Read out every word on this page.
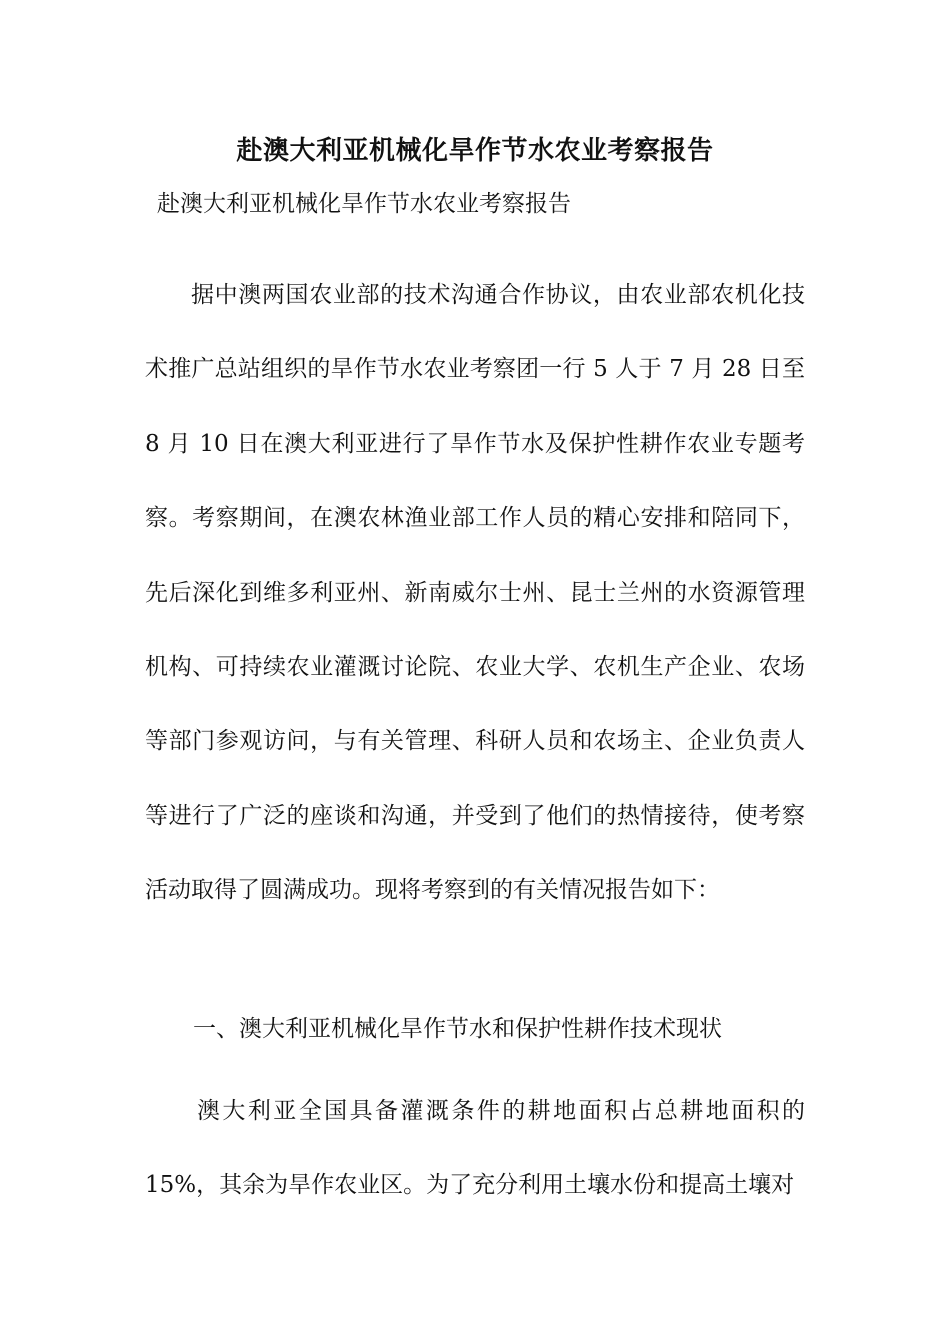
赴澳大利亚机械化旱作节水农业考察报告

赴澳大利亚机械化旱作节水农业考察报告

据中澳两国农业部的技术沟通合作协议，由农业部农机化技术推广总站组织的旱作节水农业考察团一行 5 人于 7 月 28 日至 8 月 10 日在澳大利亚进行了旱作节水及保护性耕作农业专题考察。考察期间，在澳农林渔业部工作人员的精心安排和陪同下，先后深化到维多利亚州、新南威尔士州、昆士兰州的水资源管理机构、可持续农业灌溉讨论院、农业大学、农机生产企业、农场等部门参观访问，与有关管理、科研人员和农场主、企业负责人等进行了广泛的座谈和沟通，并受到了他们的热情接待，使考察活动取得了圆满成功。现将考察到的有关情况报告如下：

一、澳大利亚机械化旱作节水和保护性耕作技术现状

澳大利亚全国具备灌溉条件的耕地面积占总耕地面积的 15%，其余为旱作农业区。为了充分利用土壤水份和提高土壤对
